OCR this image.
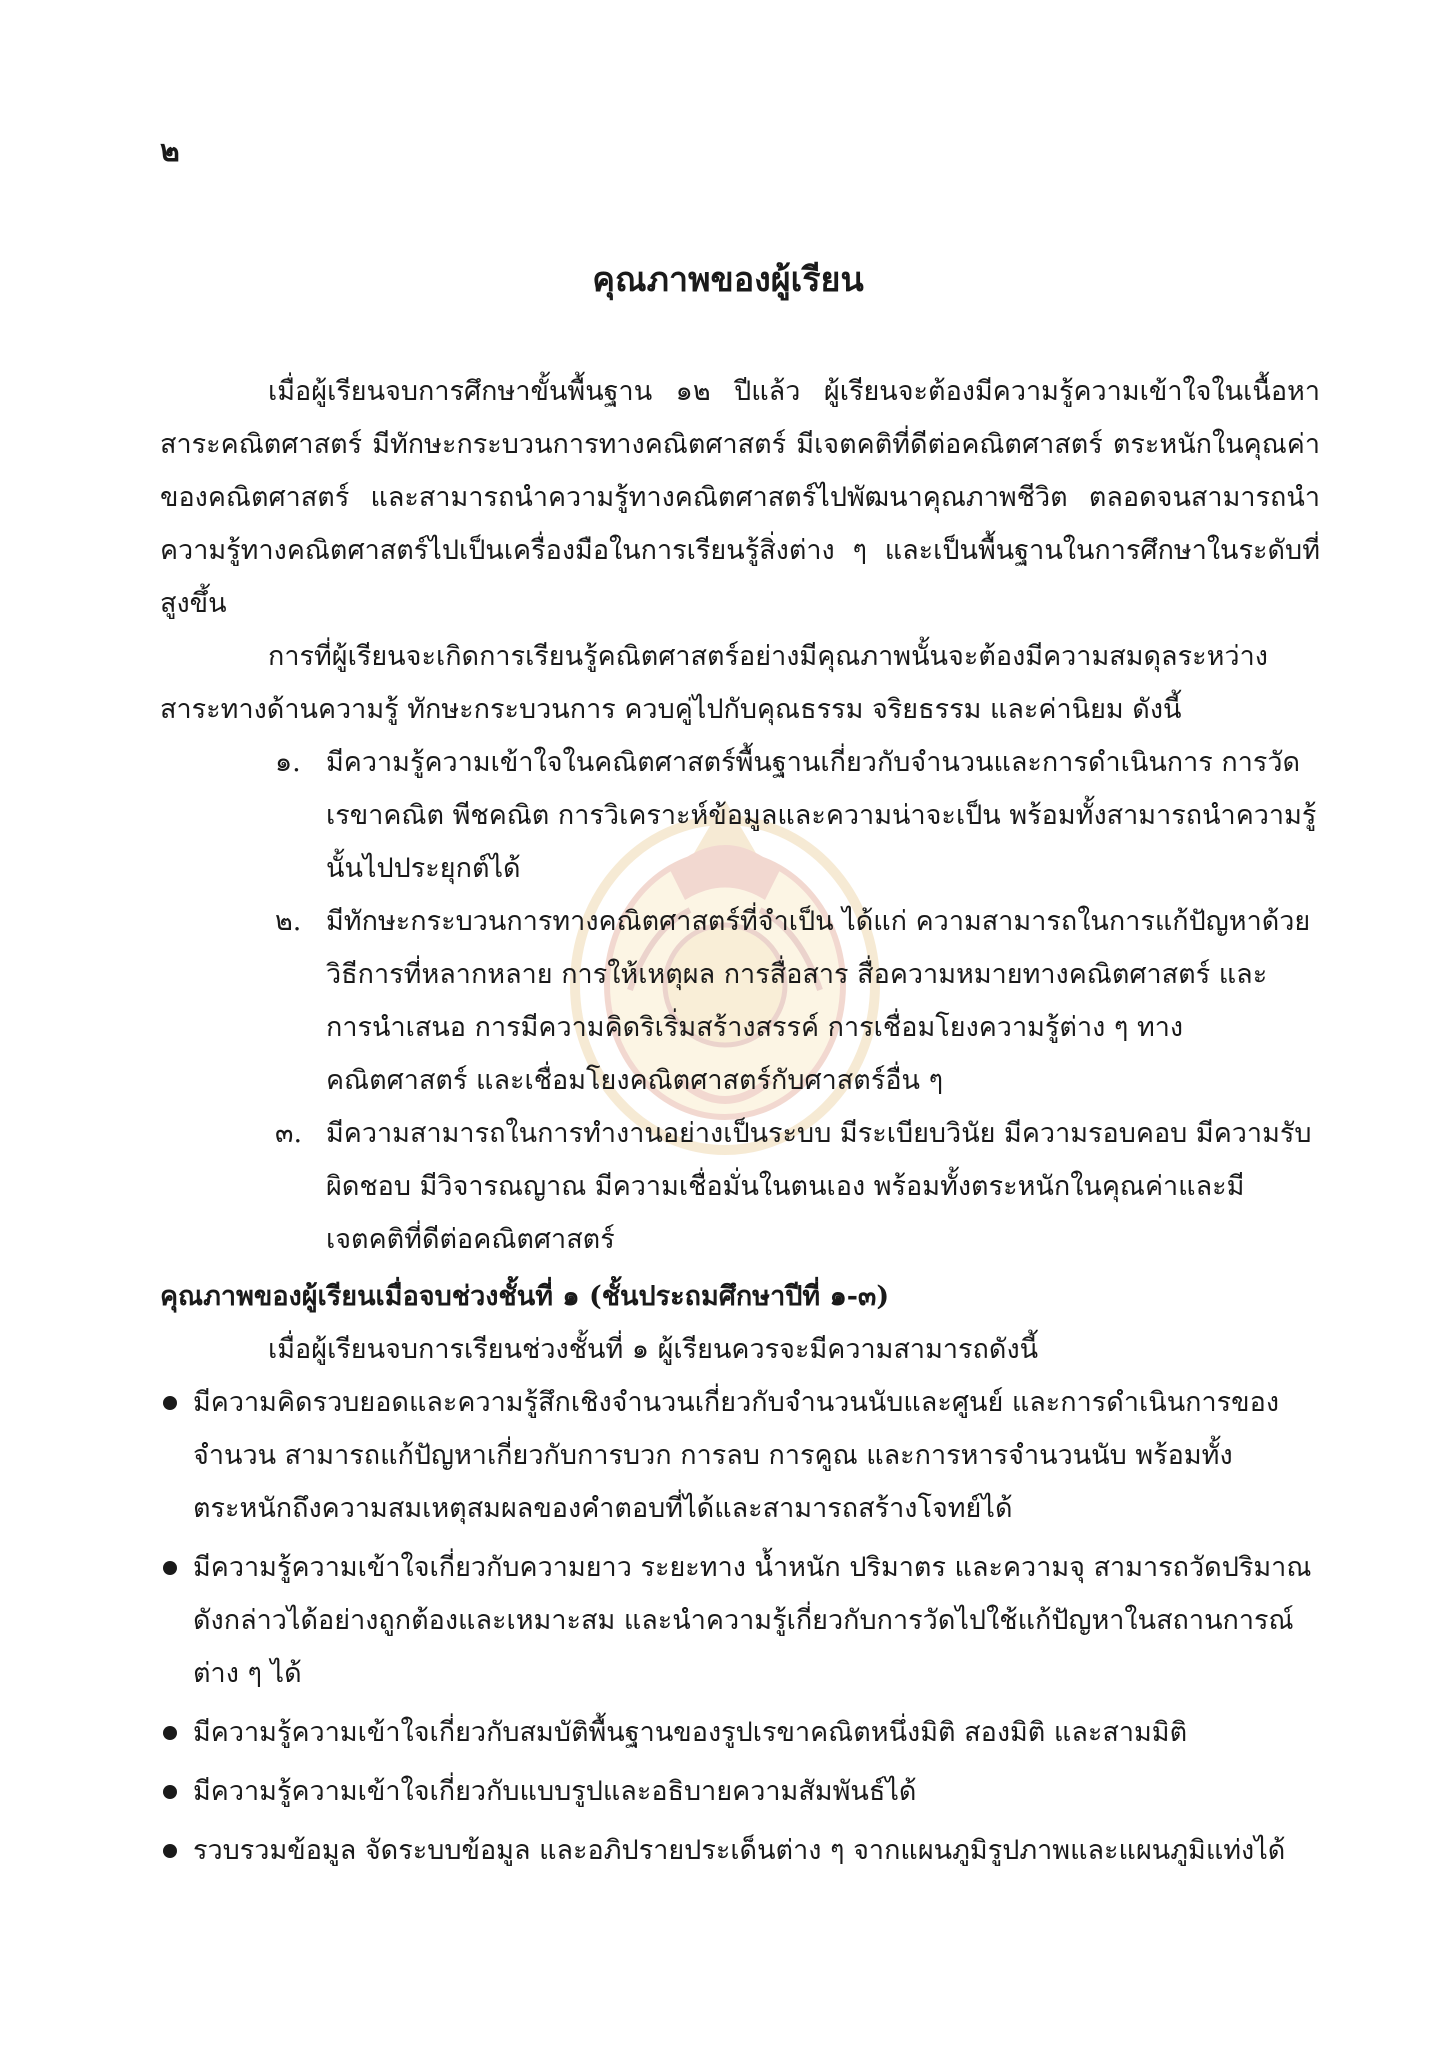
๒
คุณภาพของผู้เรียน

เมื่อผู้เรียนจบการศึกษาขั้นพื้นฐาน ๑๒ ปีแล้ว ผู้เรียนจะต้องมีความรู้ความเข้าใจในเนื้อหาสาระคณิตศาสตร์ มีทักษะกระบวนการทางคณิตศาสตร์ มีเจตคติที่ดีต่อคณิตศาสตร์ ตระหนักในคุณค่าของคณิตศาสตร์ และสามารถนำความรู้ทางคณิตศาสตร์ไปพัฒนาคุณภาพชีวิต ตลอดจนสามารถนำความรู้ทางคณิตศาสตร์ไปเป็นเครื่องมือในการเรียนรู้สิ่งต่าง ๆ และเป็นพื้นฐานในการศึกษาในระดับที่สูงขึ้น

การที่ผู้เรียนจะเกิดการเรียนรู้คณิตศาสตร์อย่างมีคุณภาพนั้นจะต้องมีความสมดุลระหว่างสาระทางด้านความรู้ ทักษะกระบวนการ ควบคู่ไปกับคุณธรรม จริยธรรม และค่านิยม ดังนี้

๑. มีความรู้ความเข้าใจในคณิตศาสตร์พื้นฐานเกี่ยวกับจำนวนและการดำเนินการ การวัด เรขาคณิต พีชคณิต การวิเคราะห์ข้อมูลและความน่าจะเป็น พร้อมทั้งสามารถนำความรู้นั้นไปประยุกต์ได้
๒. มีทักษะกระบวนการทางคณิตศาสตร์ที่จำเป็น ได้แก่ ความสามารถในการแก้ปัญหาด้วยวิธีการที่หลากหลาย การให้เหตุผล การสื่อสาร สื่อความหมายทางคณิตศาสตร์ และการนำเสนอ การมีความคิดริเริ่มสร้างสรรค์ การเชื่อมโยงความรู้ต่าง ๆ ทางคณิตศาสตร์ และเชื่อมโยงคณิตศาสตร์กับศาสตร์อื่น ๆ
๓. มีความสามารถในการทำงานอย่างเป็นระบบ มีระเบียบวินัย มีความรอบคอบ มีความรับผิดชอบ มีวิจารณญาณ มีความเชื่อมั่นในตนเอง พร้อมทั้งตระหนักในคุณค่าและมีเจตคติที่ดีต่อคณิตศาสตร์

คุณภาพของผู้เรียนเมื่อจบช่วงชั้นที่ ๑ (ชั้นประถมศึกษาปีที่ ๑-๓)

เมื่อผู้เรียนจบการเรียนช่วงชั้นที่ ๑ ผู้เรียนควรจะมีความสามารถดังนี้

มีความคิดรวบยอดและความรู้สึกเชิงจำนวนเกี่ยวกับจำนวนนับและศูนย์ และการดำเนินการของจำนวน สามารถแก้ปัญหาเกี่ยวกับการบวก การลบ การคูณ และการหารจำนวนนับ พร้อมทั้งตระหนักถึงความสมเหตุสมผลของคำตอบที่ได้และสามารถสร้างโจทย์ได้
มีความรู้ความเข้าใจเกี่ยวกับความยาว ระยะทาง น้ำหนัก ปริมาตร และความจุ สามารถวัดปริมาณดังกล่าวได้อย่างถูกต้องและเหมาะสม และนำความรู้เกี่ยวกับการวัดไปใช้แก้ปัญหาในสถานการณ์ต่าง ๆ ได้
มีความรู้ความเข้าใจเกี่ยวกับสมบัติพื้นฐานของรูปเรขาคณิตหนึ่งมิติ สองมิติ และสามมิติ
มีความรู้ความเข้าใจเกี่ยวกับแบบรูปและอธิบายความสัมพันธ์ได้
รวบรวมข้อมูล จัดระบบข้อมูล และอภิปรายประเด็นต่าง ๆ จากแผนภูมิรูปภาพและแผนภูมิแท่งได้
